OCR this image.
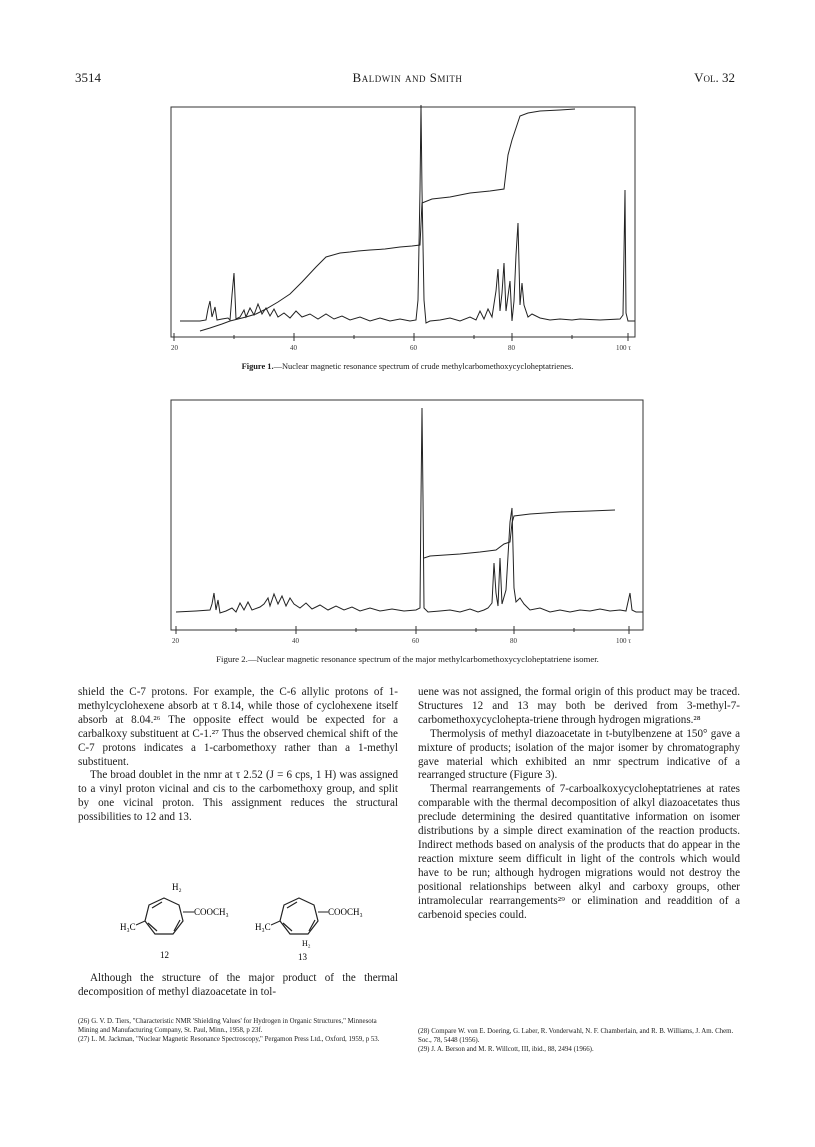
3514	Baldwin and Smith	Vol. 32
20	40	60	80	100 τ
Figure 1.—Nuclear magnetic resonance spectrum of crude methylcarbomethoxycycloheptatrienes.
20	40	60	80	100 τ
Figure 2.—Nuclear magnetic resonance spectrum of the major methylcarbomethoxycycloheptatriene isomer.

shield the C-7 protons. For example, the C-6 allylic protons of 1-methylcyclohexene absorb at τ 8.14, while those of cyclohexene itself absorb at 8.04.²⁶ The opposite effect would be expected for a carbalkoxy substituent at C-1.²⁷ Thus the observed chemical shift of the C-7 protons indicates a 1-carbomethoxy rather than a 1-methyl substituent.

The broad doublet in the nmr at τ 2.52 (J = 6 cps, 1 H) was assigned to a vinyl proton vicinal and cis to the carbomethoxy group, and split by one vicinal proton. This assignment reduces the structural possibilities to 12 and 13.

COOCH₃
H₃C
H₂
12
COOCH₃
H₃C
H₂
13

Although the structure of the major product of the thermal decomposition of methyl diazoacetate in tol-

(26) G. V. D. Tiers, "Characteristic NMR 'Shielding Values' for Hydrogen in Organic Structures," Minnesota Mining and Manufacturing Company, St. Paul, Minn., 1958, p 23f.

(27) L. M. Jackman, "Nuclear Magnetic Resonance Spectroscopy," Pergamon Press Ltd., Oxford, 1959, p 53.

uene was not assigned, the formal origin of this product may be traced. Structures 12 and 13 may both be derived from 3-methyl-7-carbomethoxycyclohepta-triene through hydrogen migrations.²⁸

Thermolysis of methyl diazoacetate in t-butylbenzene at 150° gave a mixture of products; isolation of the major isomer by chromatography gave material which exhibited an nmr spectrum indicative of a rearranged structure (Figure 3).

Thermal rearrangements of 7-carboalkoxycycloheptatrienes at rates comparable with the thermal decomposition of alkyl diazoacetates thus preclude determining the desired quantitative information on isomer distributions by a simple direct examination of the reaction products. Indirect methods based on analysis of the products that do appear in the reaction mixture seem difficult in light of the controls which would have to be run; although hydrogen migrations would not destroy the positional relationships between alkyl and carboxy groups, other intramolecular rearrangements²⁹ or elimination and readdition of a carbenoid species could.

(28) Compare W. von E. Doering, G. Laber, R. Vonderwahl, N. F. Chamberlain, and R. B. Williams, J. Am. Chem. Soc., 78, 5448 (1956).

(29) J. A. Berson and M. R. Willcott, III, ibid., 88, 2494 (1966).
